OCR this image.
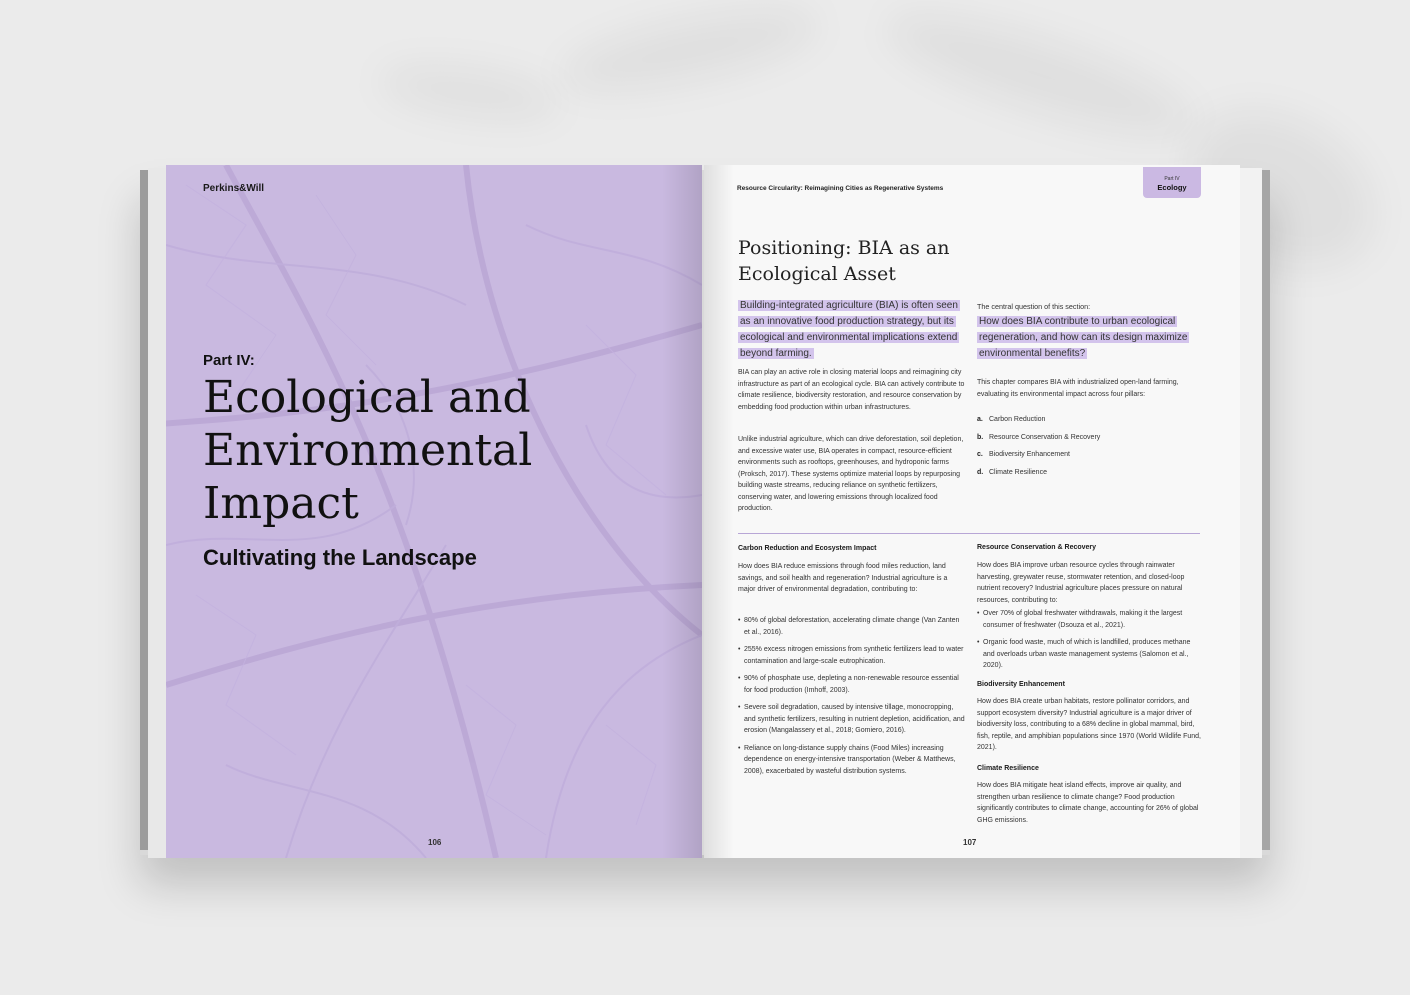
Perkins&Will
Part IV:
Ecological and Environmental Impact
Cultivating the Landscape
106
Resource Circularity: Reimagining Cities as Regenerative Systems
Part IV
Ecology
Positioning: BIA as an Ecological Asset
Building-integrated agriculture (BIA) is often seen as an innovative food production strategy, but its ecological and environmental implications extend beyond farming.
BIA can play an active role in closing material loops and reimagining city infrastructure as part of an ecological cycle. BIA can actively contribute to climate resilience, biodiversity restoration, and resource conservation by embedding food production within urban infrastructures.
Unlike industrial agriculture, which can drive deforestation, soil depletion, and excessive water use, BIA operates in compact, resource-efficient environments such as rooftops, greenhouses, and hydroponic farms (Proksch, 2017). These systems optimize material loops by repurposing building waste streams, reducing reliance on synthetic fertilizers, conserving water, and lowering emissions through localized food production.
The central question of this section:
How does BIA contribute to urban ecological regeneration, and how can its design maximize environmental benefits?
This chapter compares BIA with industrialized open-land farming, evaluating its environmental impact across four pillars:
a. Carbon Reduction
b. Resource Conservation & Recovery
c. Biodiversity Enhancement
d. Climate Resilience
Carbon Reduction and Ecosystem Impact
How does BIA reduce emissions through food miles reduction, land savings, and soil health and regeneration? Industrial agriculture is a major driver of environmental degradation, contributing to:
• 80% of global deforestation, accelerating climate change (Van Zanten et al., 2016).
• 255% excess nitrogen emissions from synthetic fertilizers lead to water contamination and large-scale eutrophication.
• 90% of phosphate use, depleting a non-renewable resource essential for food production (Imhoff, 2003).
• Severe soil degradation, caused by intensive tillage, monocropping, and synthetic fertilizers, resulting in nutrient depletion, acidification, and erosion (Mangalassery et al., 2018; Gomiero, 2016).
• Reliance on long-distance supply chains (Food Miles) increasing dependence on energy-intensive transportation (Weber & Matthews, 2008), exacerbated by wasteful distribution systems.
Resource Conservation & Recovery
How does BIA improve urban resource cycles through rainwater harvesting, greywater reuse, stormwater retention, and closed-loop nutrient recovery? Industrial agriculture places pressure on natural resources, contributing to:
• Over 70% of global freshwater withdrawals, making it the largest consumer of freshwater (Dsouza et al., 2021).
• Organic food waste, much of which is landfilled, produces methane and overloads urban waste management systems (Salomon et al., 2020).
Biodiversity Enhancement
How does BIA create urban habitats, restore pollinator corridors, and support ecosystem diversity? Industrial agriculture is a major driver of biodiversity loss, contributing to a 68% decline in global mammal, bird, fish, reptile, and amphibian populations since 1970 (World Wildlife Fund, 2021).
Climate Resilience
How does BIA mitigate heat island effects, improve air quality, and strengthen urban resilience to climate change? Food production significantly contributes to climate change, accounting for 26% of global GHG emissions.
107
